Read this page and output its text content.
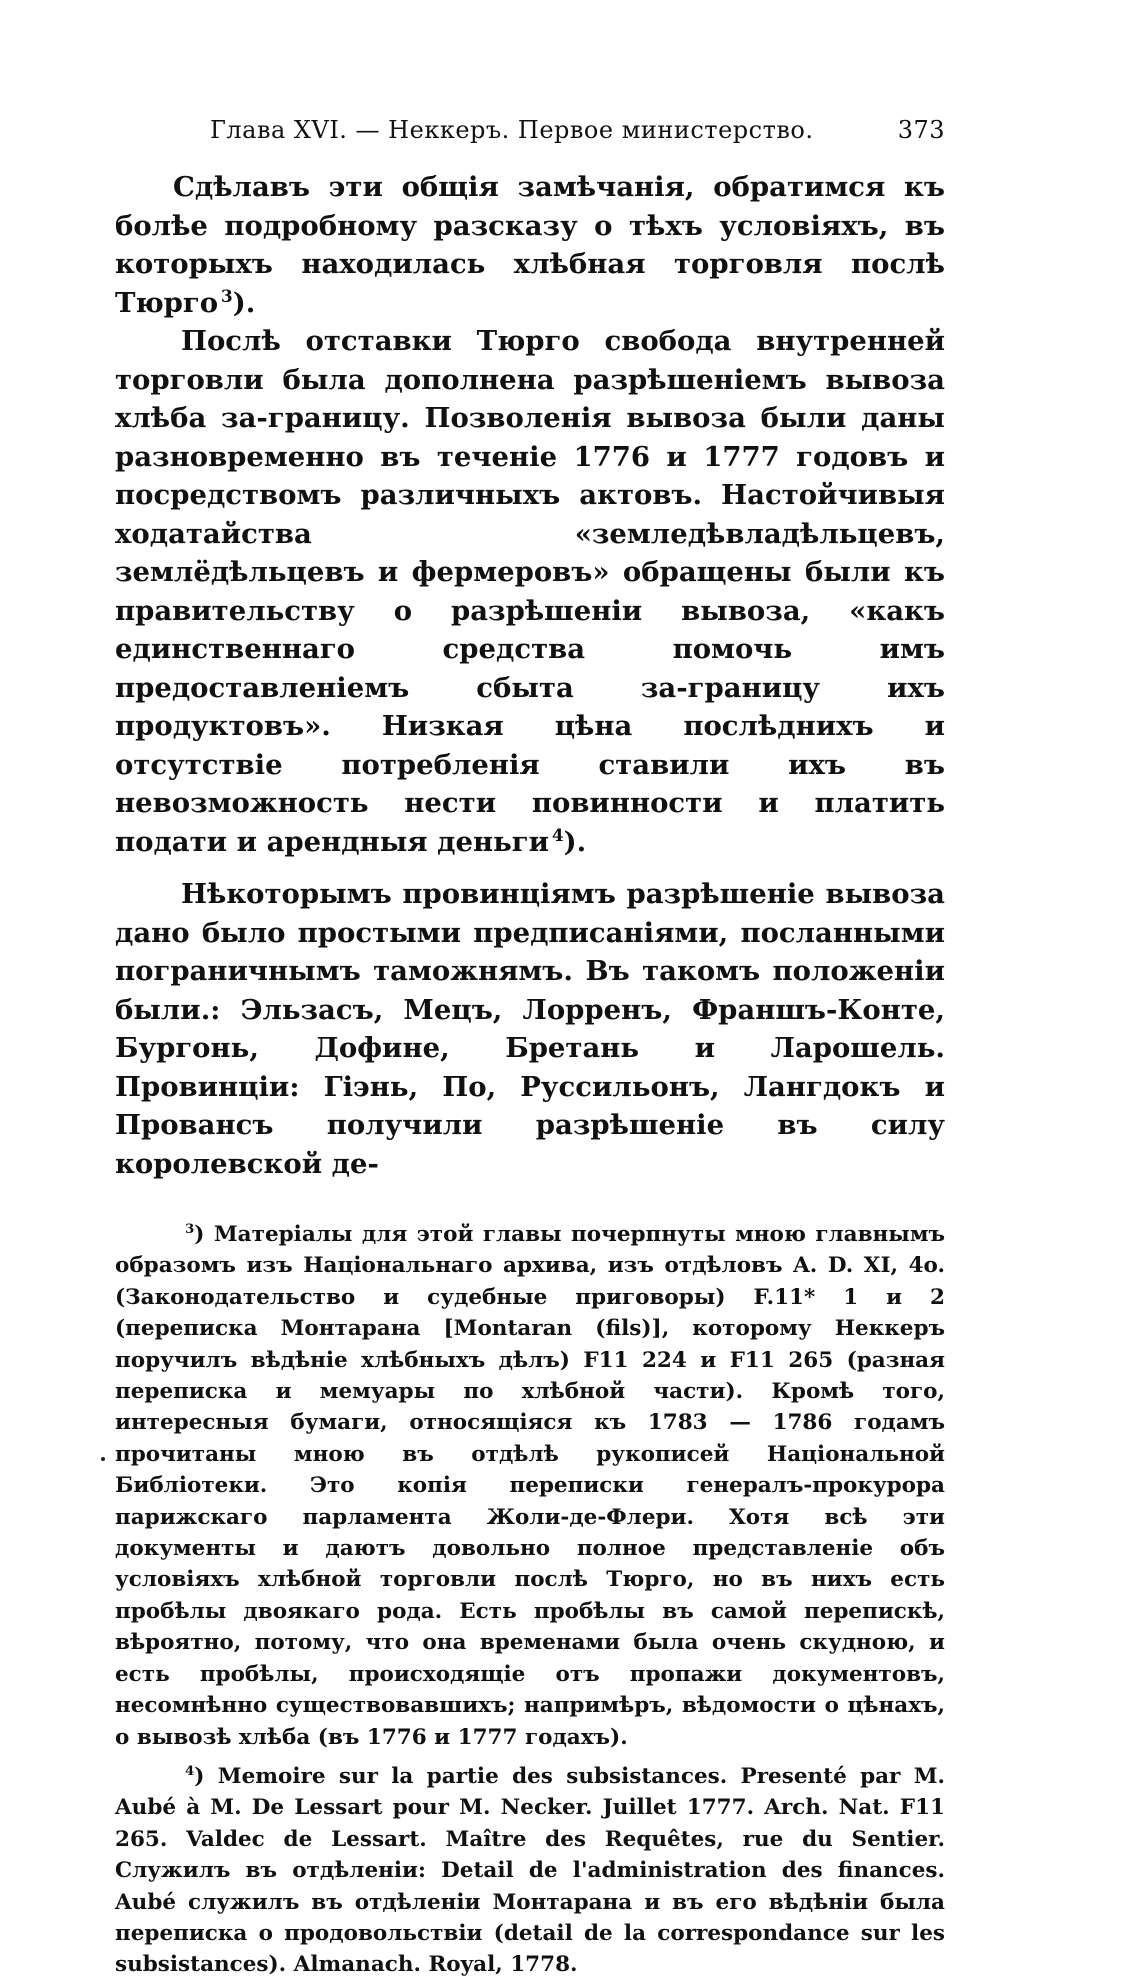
Глава XVI. — Неккеръ. Первое министерство.	373

Сдѣлавъ эти общія замѣчанія, обратимся къ болѣе подробному разсказу о тѣхъ условіяхъ, въ которыхъ находилась хлѣбная торговля послѣ Тюрго  $^3$).

Послѣ отставки Тюрго свобода внутренней торговли была дополнена разрѣшеніемъ вывоза хлѣба за-границу. Позволенія вывоза были даны разновременно въ теченіе 1776 и 1777 годовъ и посредствомъ различныхъ актовъ. Настойчивыя ходатайства «земледѣвладѣльцевъ, землёдѣльцевъ и фермеровъ» обращены были къ правительству о разрѣшеніи вывоза, «какъ единственнаго средства помочь имъ предоставленіемъ сбыта за-границу ихъ продуктовъ». Низкая цѣна послѣднихъ и отсутствіе потребленія ставили ихъ въ невозможность нести повинности и платить подати и арендныя деньги  $^4$).

Нѣкоторымъ провинціямъ разрѣшеніе вывоза дано было простыми предписаніями, посланными пограничнымъ таможнямъ. Въ такомъ положеніи были.: Эльзасъ, Мецъ, Лорренъ, Франшъ-Конте, Бургонь, Дофине, Бретань и Ларошель. Провинціи: Гіэнь, По, Руссильонъ, Лангдокъ и Провансъ получили разрѣшеніе въ силу королевской де-

$^3$) Матеріалы для этой главы почерпнуты мною главнымъ образомъ изъ Національнаго архива, изъ отдѣловъ A. D. XI, 4o. (Законодательство и судебные приговоры) F.11* 1 и 2 (переписка Монтарана [Montaran (fils)], которому Неккеръ поручилъ вѣдѣніе хлѣбныхъ дѣлъ) F11 224 и F11 265 (разная переписка и мемуары по хлѣбной части). Кромѣ того, интересныя бумаги, относящіяся къ 1783 — 1786 годамъ прочитаны мною въ отдѣлѣ рукописей Національной Библіотеки. Это копія переписки генералъ-прокурора парижскаго парламента Жоли-де-Флери. Хотя всѣ эти документы и даютъ довольно полное представленіе объ условіяхъ хлѣбной торговли послѣ Тюрго, но въ нихъ есть пробѣлы двоякаго рода. Есть пробѣлы въ самой перепискѣ, вѣроятно, потому, что она временами была очень скудною, и есть пробѣлы, происходящіе отъ пропажи документовъ, несомнѣнно существовавшихъ; напримѣръ, вѣдомости о цѣнахъ, о вывозѣ хлѣба (въ 1776 и 1777 годахъ).

$^4$) Memoire sur la partie des subsistances. Presenté par M. Aubé à M. De Lessart pour M. Necker. Juillet 1777. Arch. Nat. F11 265. Valdec de Lessart. Maître des Requêtes, rue du Sentier. Служилъ въ отдѣленіи: Detail de l'administration des finances. Aubé служилъ въ отдѣленіи Монтарана и въ его вѣдѣніи была переписка о продовольствіи (detail de la correspondance sur les subsistances). Almanach. Royal, 1778.
